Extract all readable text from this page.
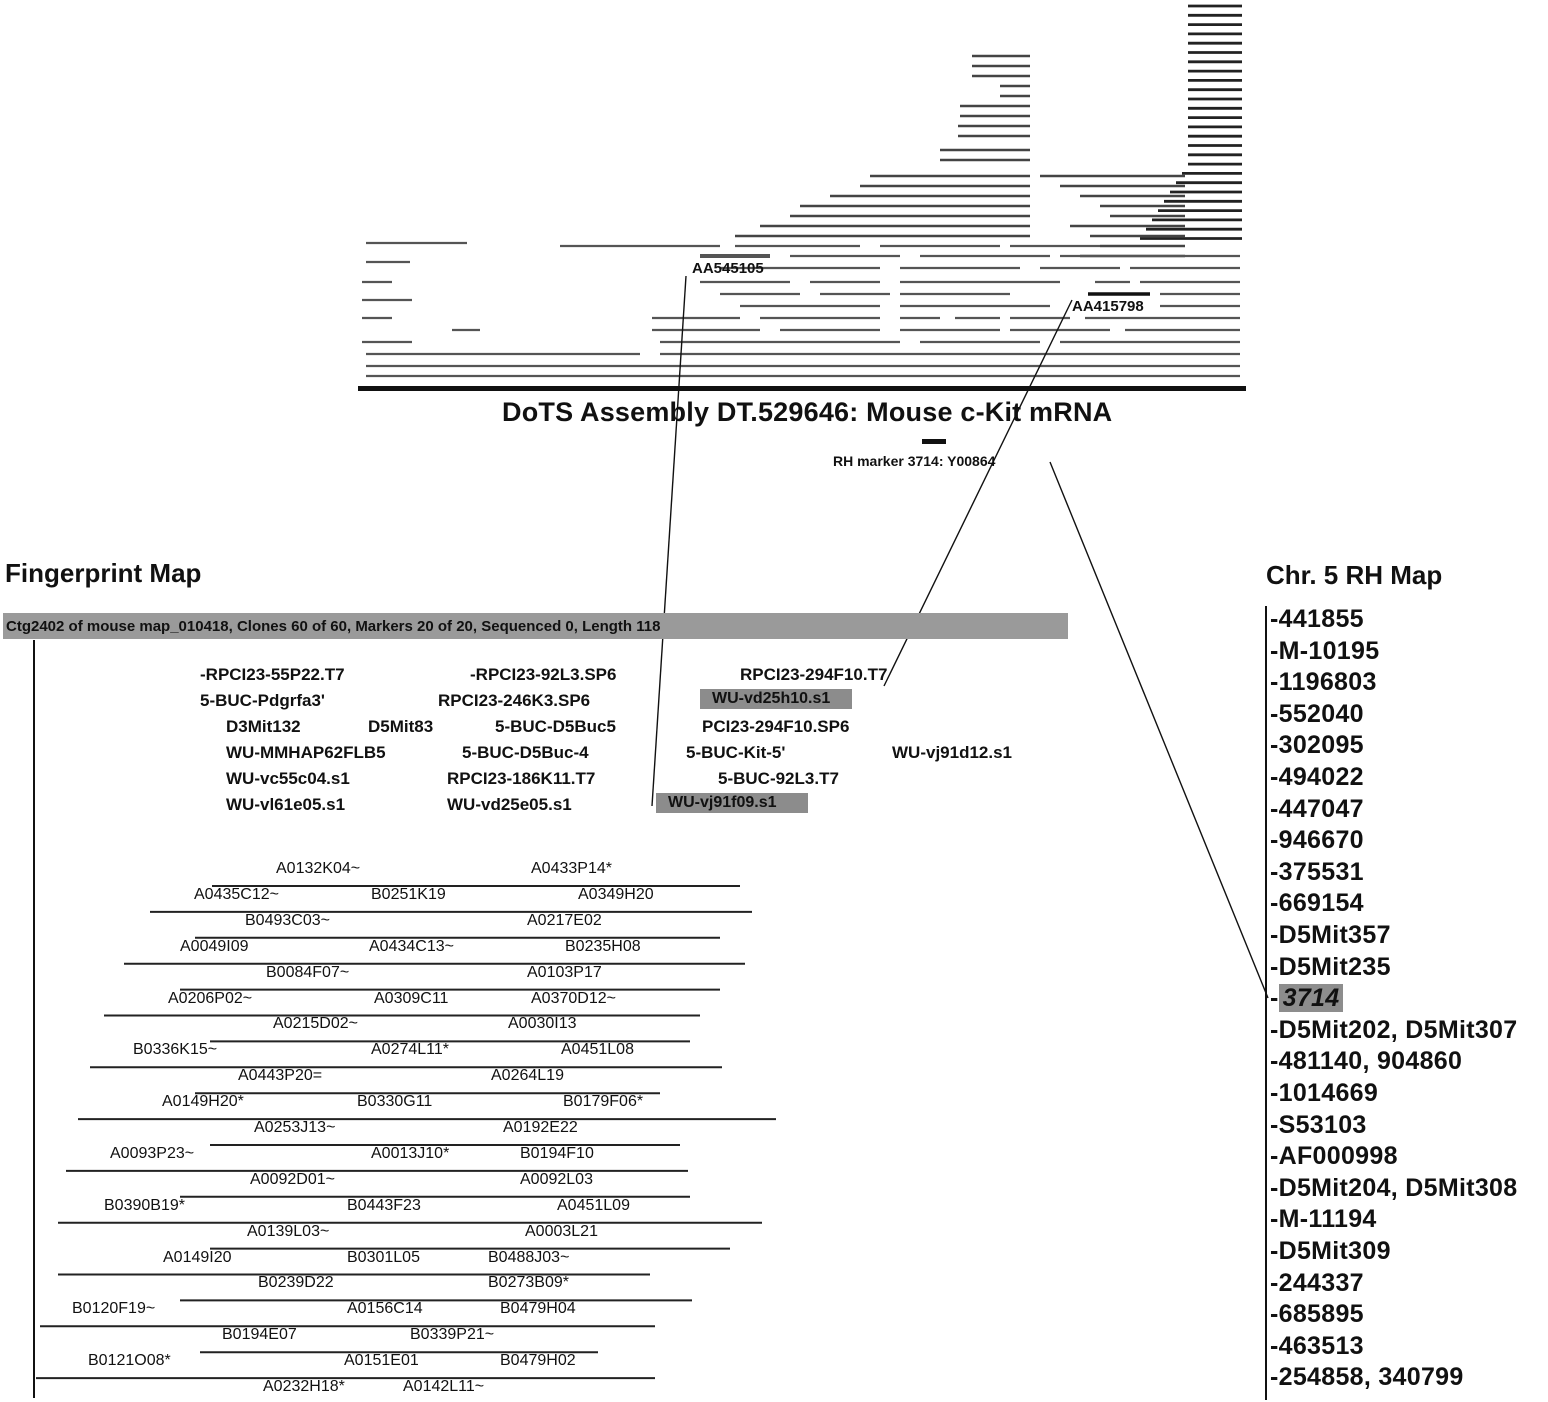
AA545105
AA415798
DoTS Assembly DT.529646: Mouse c-Kit mRNA
RH marker 3714: Y00864
Fingerprint Map
Ctg2402 of mouse map_010418, Clones 60 of 60, Markers 20 of 20, Sequenced 0, Length 118
-RPCI23-55P22.T7	-RPCI23-92L3.SP6	RPCI23-294F10.T7
5-BUC-Pdgrfa3'	RPCI23-246K3.SP6	WU-vd25h10.s1
D3Mit132	D5Mit83	5-BUC-D5Buc5	PCI23-294F10.SP6
WU-MMHAP62FLB5	5-BUC-D5Buc-4	5-BUC-Kit-5'	WU-vj91d12.s1
WU-vc55c04.s1	RPCI23-186K11.T7	5-BUC-92L3.T7
WU-vl61e05.s1	WU-vd25e05.s1	WU-vj91f09.s1
A0132K04~	A0433P14*
A0435C12~	B0251K19	A0349H20
B0493C03~	A0217E02
A0049I09	A0434C13~	B0235H08
B0084F07~	A0103P17
A0206P02~	A0309C11	A0370D12~
A0215D02~	A0030I13
B0336K15~	A0274L11*	A0451L08
A0443P20=	A0264L19
A0149H20*	B0330G11	B0179F06*
A0253J13~	A0192E22
A0093P23~	A0013J10*	B0194F10
A0092D01~	A0092L03
B0390B19*	B0443F23	A0451L09
A0139L03~	A0003L21
A0149I20	B0301L05	B0488J03~
B0239D22	B0273B09*
B0120F19~	A0156C14	B0479H04
B0194E07	B0339P21~
B0121O08*	A0151E01	B0479H02
A0232H18*	A0142L11~
Chr. 5 RH Map
-441855
-M-10195
-1196803
-552040
-302095
-494022
-447047
-946670
-375531
-669154
-D5Mit357
-D5Mit235
- 3714
-D5Mit202, D5Mit307
-481140, 904860
-1014669
-S53103
-AF000998
-D5Mit204, D5Mit308
-M-11194
-D5Mit309
-244337
-685895
-463513
-254858, 340799
